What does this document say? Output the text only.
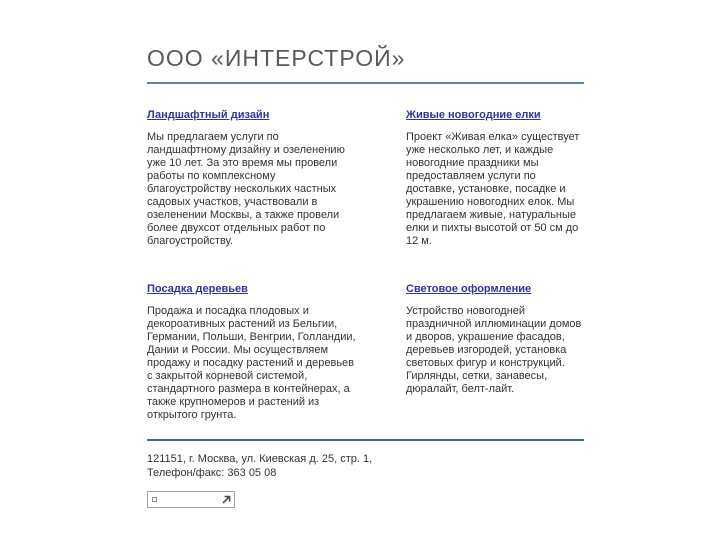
ООО «ИНТЕРСТРОЙ»
Ландшафтный дизайн

Мы предлагаем услуги по ландшафтному дизайну и озеленению уже 10 лет. За это время мы провели работы по комплексному благоустройству нескольких частных садовых участков, участвовали в озеленении Москвы, а также провели более двухсот отдельных работ по благоустройству.

Живые новогодние елки

Проект «Живая елка» существует уже несколько лет, и каждые новогодние праздники мы предоставляем услуги по доставке, установке, посадке и украшению новогодних елок. Мы предлагаем живые, натуральные елки и пихты высотой от 50 см до 12 м.

Посадка деревьев

Продажа и посадка плодовых и декороативных растений из Бельгии, Германии, Польши, Венгрии, Голландии, Дании и России. Мы осуществляем продажу и посадку растений и деревьев с закрытой корневой системой, стандартного размера в контейнерах, а также крупномеров и растений из открытого грунта.

Световое оформление

Устройство новогодней праздничной иллюминации домов и дворов, украшение фасадов, деревьев изгородей, установка световых фигур и конструкций. Гирлянды, сетки, занавесы, дюралайт, белт-лайт.

121151, г. Москва, ул. Киевская д. 25, стр. 1,
Телефон/факс: 363 05 08
